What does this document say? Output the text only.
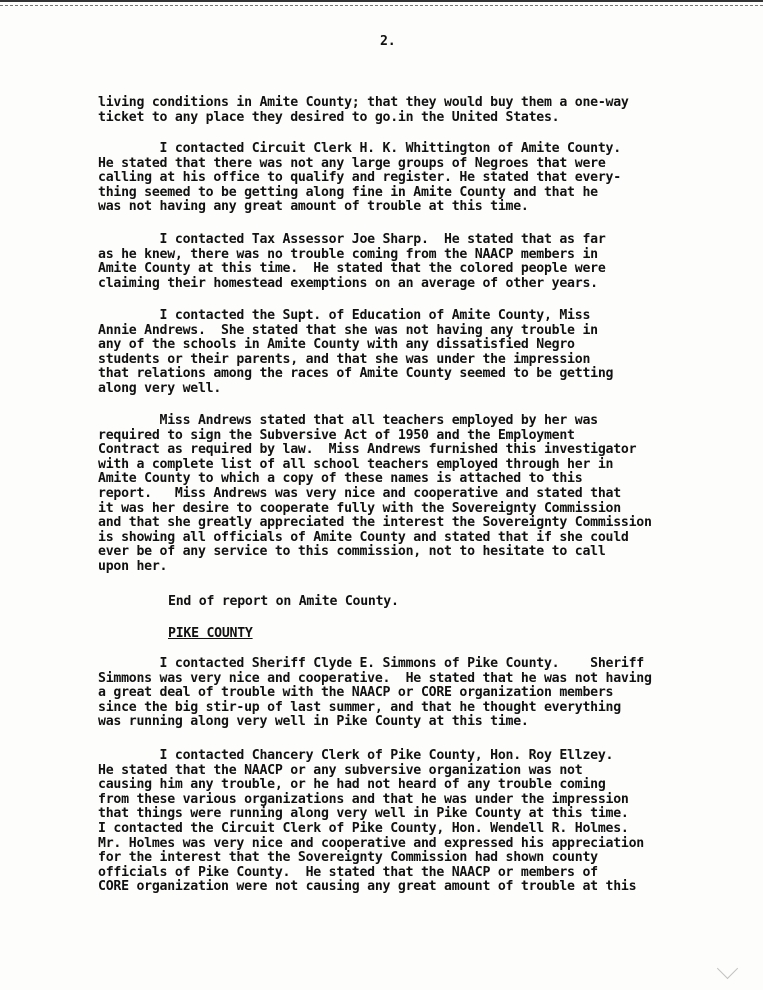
2.

living conditions in Amite County; that they would buy them a one-way
ticket to any place they desired to go.in the United States.

I contacted Circuit Clerk H. K. Whittington of Amite County.
He stated that there was not any large groups of Negroes that were
calling at his office to qualify and register. He stated that every-
thing seemed to be getting along fine in Amite County and that he
was not having any great amount of trouble at this time.

I contacted Tax Assessor Joe Sharp.  He stated that as far
as he knew, there was no trouble coming from the NAACP members in
Amite County at this time.  He stated that the colored people were
claiming their homestead exemptions on an average of other years.

I contacted the Supt. of Education of Amite County, Miss
Annie Andrews.  She stated that she was not having any trouble in
any of the schools in Amite County with any dissatisfied Negro
students or their parents, and that she was under the impression
that relations among the races of Amite County seemed to be getting
along very well.

Miss Andrews stated that all teachers employed by her was
required to sign the Subversive Act of 1950 and the Employment
Contract as required by law.  Miss Andrews furnished this investigator
with a complete list of all school teachers employed through her in
Amite County to which a copy of these names is attached to this
report.   Miss Andrews was very nice and cooperative and stated that
it was her desire to cooperate fully with the Sovereignty Commission
and that she greatly appreciated the interest the Sovereignty Commission
is showing all officials of Amite County and stated that if she could
ever be of any service to this commission, not to hesitate to call
upon her.

End of report on Amite County.

PIKE COUNTY

I contacted Sheriff Clyde E. Simmons of Pike County.    Sheriff
Simmons was very nice and cooperative.  He stated that he was not having
a great deal of trouble with the NAACP or CORE organization members
since the big stir-up of last summer, and that he thought everything
was running along very well in Pike County at this time.

I contacted Chancery Clerk of Pike County, Hon. Roy Ellzey.
He stated that the NAACP or any subversive organization was not
causing him any trouble, or he had not heard of any trouble coming
from these various organizations and that he was under the impression
that things were running along very well in Pike County at this time.
I contacted the Circuit Clerk of Pike County, Hon. Wendell R. Holmes.
Mr. Holmes was very nice and cooperative and expressed his appreciation
for the interest that the Sovereignty Commission had shown county
officials of Pike County.  He stated that the NAACP or members of
CORE organization were not causing any great amount of trouble at this
